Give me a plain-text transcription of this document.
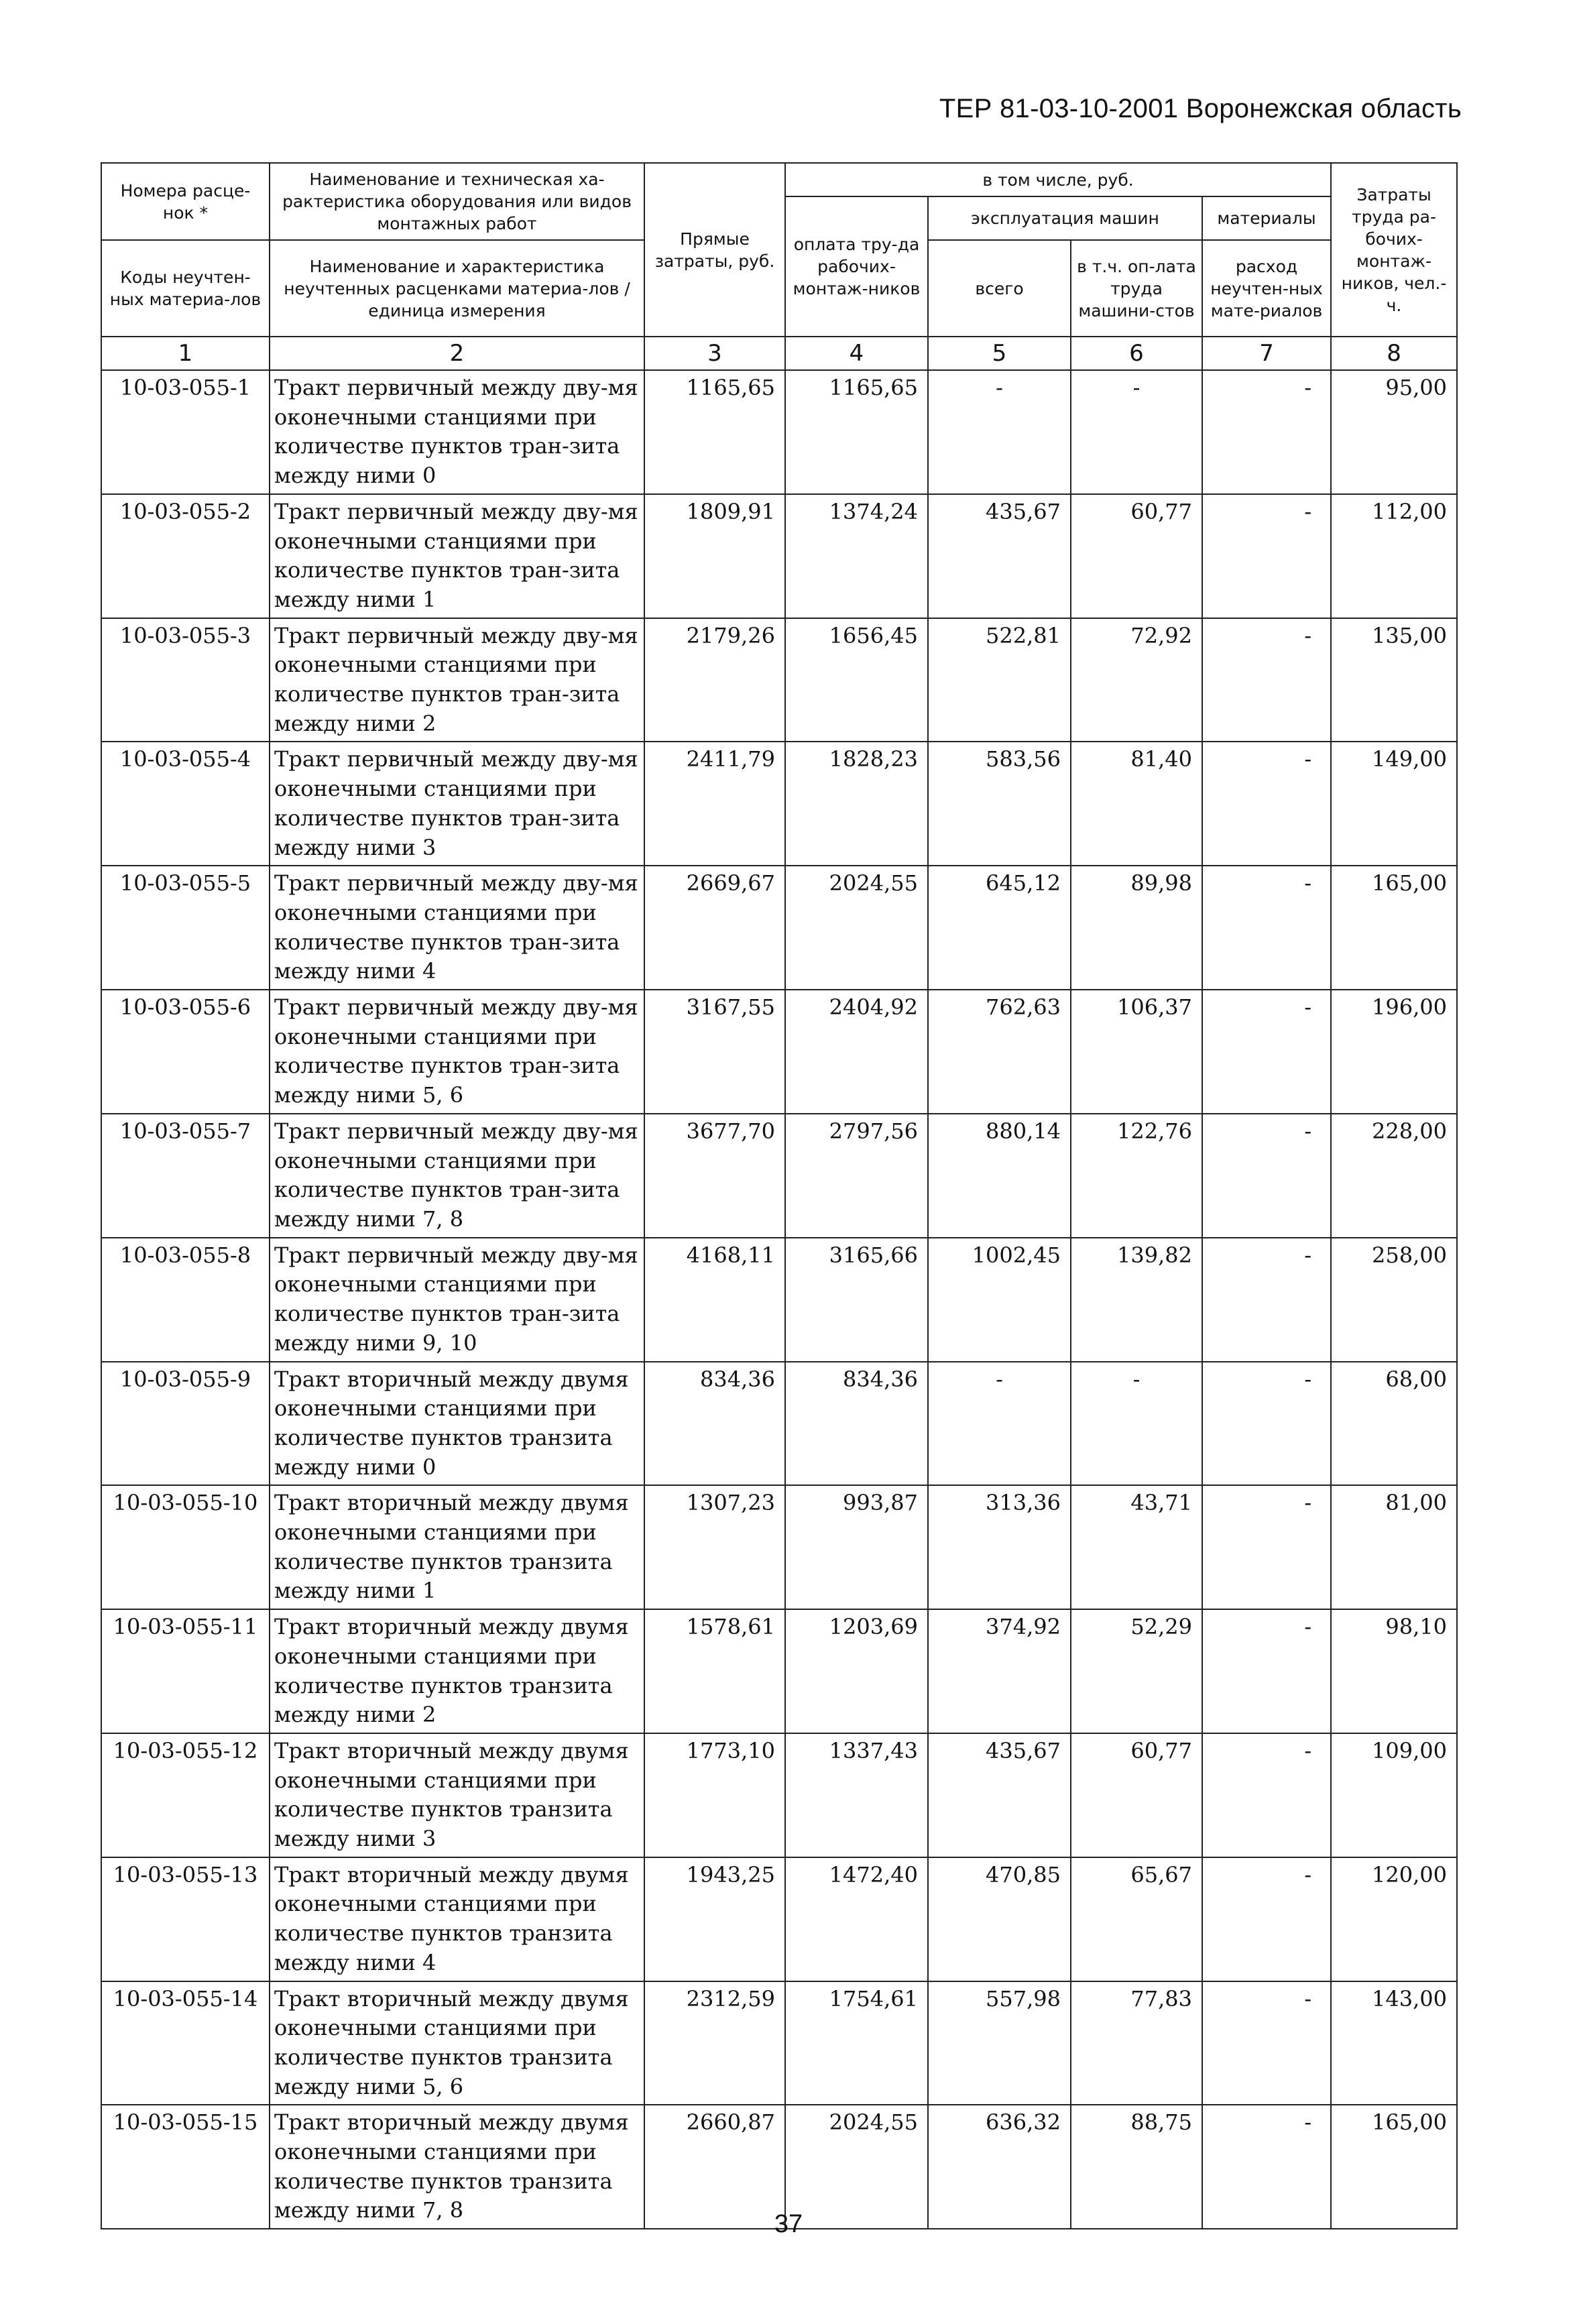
ТЕР 81-03-10-2001 Воронежская область
Номера расце-нок *	Наименование и техническая ха-рактеристика оборудования или видов монтажных работ	Прямые затраты, руб.	в том числе, руб.				Затраты труда ра-бочих-монтаж-ников, чел.-ч.
			оплата тру-да рабочих-монтаж-ников	эксплуатация машин		материалы	
Коды неучтен-ных материа-лов	Наименование и характеристика неучтенных расценками материа-лов / единица измерения			всего	в т.ч. оп-лата труда машини-стов	расход неучтен-ных мате-риалов	

1	2	3	4	5	6	7	8
10-03-055-1	Тракт первичный между дву-мя оконечными станциями при количестве пунктов тран-зита между ними 0	1165,65	1165,65	-	-	-	95,00
10-03-055-2	Тракт первичный между дву-мя оконечными станциями при количестве пунктов тран-зита между ними 1	1809,91	1374,24	435,67	60,77	-	112,00
10-03-055-3	Тракт первичный между дву-мя оконечными станциями при количестве пунктов тран-зита между ними 2	2179,26	1656,45	522,81	72,92	-	135,00
10-03-055-4	Тракт первичный между дву-мя оконечными станциями при количестве пунктов тран-зита между ними 3	2411,79	1828,23	583,56	81,40	-	149,00
10-03-055-5	Тракт первичный между дву-мя оконечными станциями при количестве пунктов тран-зита между ними 4	2669,67	2024,55	645,12	89,98	-	165,00
10-03-055-6	Тракт первичный между дву-мя оконечными станциями при количестве пунктов тран-зита между ними 5, 6	3167,55	2404,92	762,63	106,37	-	196,00
10-03-055-7	Тракт первичный между дву-мя оконечными станциями при количестве пунктов тран-зита между ними 7, 8	3677,70	2797,56	880,14	122,76	-	228,00
10-03-055-8	Тракт первичный между дву-мя оконечными станциями при количестве пунктов тран-зита между ними 9, 10	4168,11	3165,66	1002,45	139,82	-	258,00
10-03-055-9	Тракт вторичный между двумя оконечными станциями при количестве пунктов транзита между ними 0	834,36	834,36	-	-	-	68,00
10-03-055-10	Тракт вторичный между двумя оконечными станциями при количестве пунктов транзита между ними 1	1307,23	993,87	313,36	43,71	-	81,00
10-03-055-11	Тракт вторичный между двумя оконечными станциями при количестве пунктов транзита между ними 2	1578,61	1203,69	374,92	52,29	-	98,10
10-03-055-12	Тракт вторичный между двумя оконечными станциями при количестве пунктов транзита между ними 3	1773,10	1337,43	435,67	60,77	-	109,00
10-03-055-13	Тракт вторичный между двумя оконечными станциями при количестве пунктов транзита между ними 4	1943,25	1472,40	470,85	65,67	-	120,00
10-03-055-14	Тракт вторичный между двумя оконечными станциями при количестве пунктов транзита между ними 5, 6	2312,59	1754,61	557,98	77,83	-	143,00
10-03-055-15	Тракт вторичный между двумя оконечными станциями при количестве пунктов транзита между ними 7, 8	2660,87	2024,55	636,32	88,75	-	165,00
37
